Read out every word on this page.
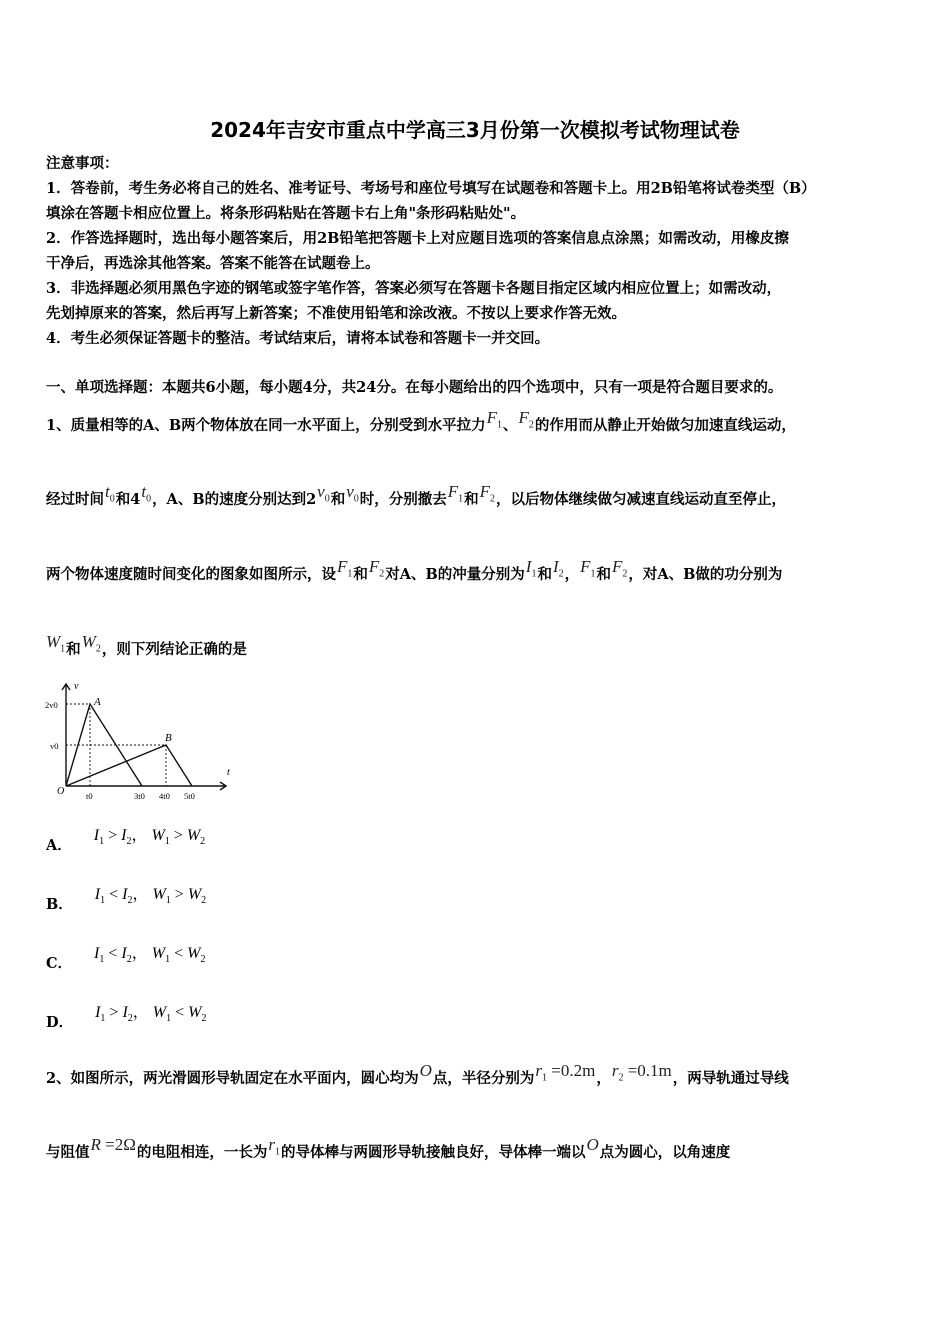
2024年吉安市重点中学高三3月份第一次模拟考试物理试卷
注意事项：
1．答卷前，考生务必将自己的姓名、准考证号、考场号和座位号填写在试题卷和答题卡上。用2B铅笔将试卷类型（B）
填涂在答题卡相应位置上。将条形码粘贴在答题卡右上角"条形码粘贴处"。
2．作答选择题时，选出每小题答案后，用2B铅笔把答题卡上对应题目选项的答案信息点涂黑；如需改动，用橡皮擦
干净后，再选涂其他答案。答案不能答在试题卷上。
3．非选择题必须用黑色字迹的钢笔或签字笔作答，答案必须写在答题卡各题目指定区域内相应位置上；如需改动，
先划掉原来的答案，然后再写上新答案；不准使用铅笔和涂改液。不按以上要求作答无效。
4．考生必须保证答题卡的整洁。考试结束后，请将本试卷和答题卡一并交回。
一、单项选择题：本题共6小题，每小题4分，共24分。在每小题给出的四个选项中，只有一项是符合题目要求的。
1、质量相等的A、B两个物体放在同一水平面上，分别受到水平拉力$F_1$、$F_2$的作用而从静止开始做匀加速直线运动，
经过时间$t_0$和$4t_0$，A、B的速度分别达到$2v_0$和$v_0$时，分别撤去$F_1$和$F_2$，以后物体继续做匀减速直线运动直至停止，
两个物体速度随时间变化的图象如图所示，设$F_1$和$F_2$对A、B的冲量分别为$I_1$和$I_2$，$F_1$和$F_2$，对A、B做的功分别为
$W_1$和$W_2$，则下列结论正确的是
v
t
O
2v0
v0
t0	3t0 4t0 5t0
A
B
A．$I_1 > I_2$， $W_1 > W_2$
B．$I_1 < I_2$， $W_1 > W_2$
C．$I_1 < I_2$， $W_1 < W_2$
D．$I_1 > I_2$， $W_1 < W_2$
2、如图所示，两光滑圆形导轨固定在水平面内，圆心均为O点，半径分别为$r_1 =0.2m$，$r_2 =0.1m$，两导轨通过导线
与阻值R =2Ω的电阻相连，一长为$r_1$的导体棒与两圆形导轨接触良好，导体棒一端以O点为圆心，以角速度
